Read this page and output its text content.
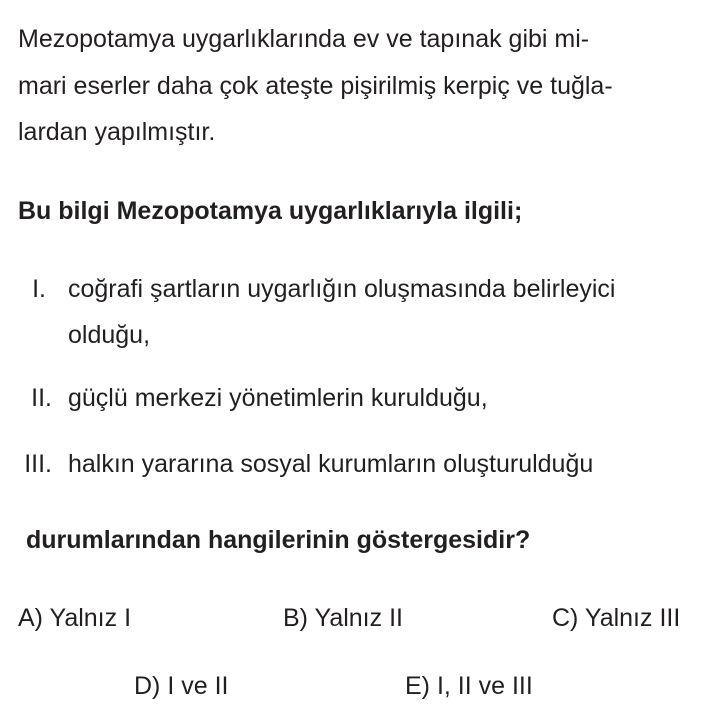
Mezopotamya uygarlıklarında ev ve tapınak gibi mi-
mari eserler daha çok ateşte pişirilmiş kerpiç ve tuğla-
lardan yapılmıştır.
Bu bilgi Mezopotamya uygarlıklarıyla ilgili;
I. coğrafi şartların uygarlığın oluşmasında belirleyici
olduğu,
II. güçlü merkezi yönetimlerin kurulduğu,
III. halkın yararına sosyal kurumların oluşturulduğu
durumlarından hangilerinin göstergesidir?
A) Yalnız I	B) Yalnız II	C) Yalnız III
D) I ve II	E) I, II ve III
